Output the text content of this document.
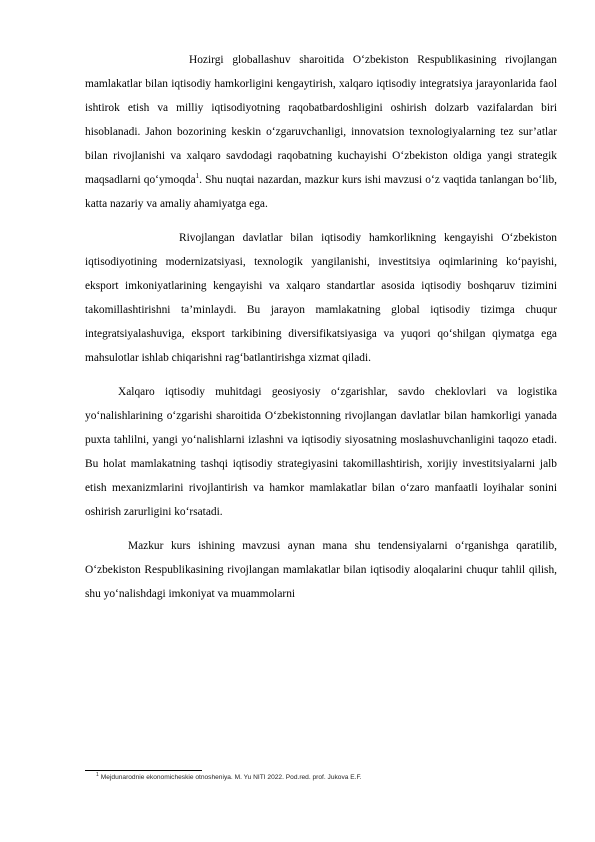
Hozirgi globallashuv sharoitida O‘zbekiston Respublikasining rivojlangan mamlakatlar bilan iqtisodiy hamkorligini kengaytirish, xalqaro iqtisodiy integratsiya jarayonlarida faol ishtirok etish va milliy iqtisodiyotning raqobatbardoshligini oshirish dolzarb vazifalardan biri hisoblanadi. Jahon bozorining keskin o‘zgaruvchanligi, innovatsion texnologiyalarning tez sur’atlar bilan rivojlanishi va xalqaro savdodagi raqobatning kuchayishi O‘zbekiston oldiga yangi strategik maqsadlarni qo‘ymoqda$^1$. Shu nuqtai nazardan, mazkur kurs ishi mavzusi o‘z vaqtida tanlangan bo‘lib, katta nazariy va amaliy ahamiyatga ega.

Rivojlangan davlatlar bilan iqtisodiy hamkorlikning kengayishi O‘zbekiston iqtisodiyotining modernizatsiyasi, texnologik yangilanishi, investitsiya oqimlarining ko‘payishi, eksport imkoniyatlarining kengayishi va xalqaro standartlar asosida iqtisodiy boshqaruv tizimini takomillashtirishni ta’minlaydi. Bu jarayon mamlakatning global iqtisodiy tizimga chuqur integratsiyalashuviga, eksport tarkibining diversifikatsiyasiga va yuqori qo‘shilgan qiymatga ega mahsulotlar ishlab chiqarishni rag‘batlantirishga xizmat qiladi.

Xalqaro iqtisodiy muhitdagi geosiyosiy o‘zgarishlar, savdo cheklovlari va logistika yo‘nalishlarining o‘zgarishi sharoitida O‘zbekistonning rivojlangan davlatlar bilan hamkorligi yanada puxta tahlilni, yangi yo‘nalishlarni izlashni va iqtisodiy siyosatning moslashuvchanligini taqozo etadi. Bu holat mamlakatning tashqi iqtisodiy strategiyasini takomillashtirish, xorijiy investitsiyalarni jalb etish mexanizmlarini rivojlantirish va hamkor mamlakatlar bilan o‘zaro manfaatli loyihalar sonini oshirish zarurligini ko‘rsatadi.

Mazkur kurs ishining mavzusi aynan mana shu tendensiyalarni o‘rganishga qaratilib, O‘zbekiston Respublikasining rivojlangan mamlakatlar bilan iqtisodiy aloqalarini chuqur tahlil qilish, shu yo‘nalishdagi imkoniyat va muammolarni

$^1$ Mejdunarodnie ekonomicheskie otnosheniya. M. Yu NITI 2022. Pod.red. prof. Jukova E.F.
